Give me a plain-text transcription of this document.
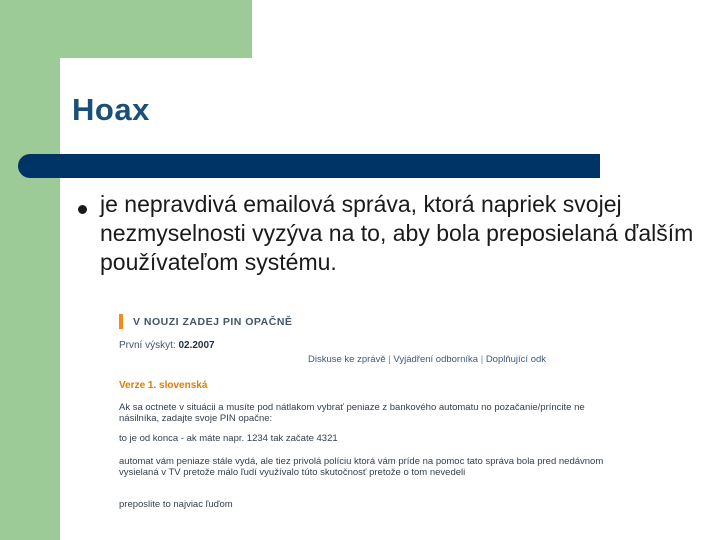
Hoax
je nepravdivá emailová správa, ktorá napriek svojej nezmyselnosti vyzýva na to, aby bola preposielaná ďalším používateľom systému.
V NOUZI ZADEJ PIN OPAČNĚ
První výskyt: 02.2007
Diskuse ke zprávě | Vyjádření odborníka | Doplňující odk
Verze 1. slovenská
Ak sa octnete v situácii a musíte pod nátlakom vybrať peniaze z bankového automatu no pozačanie/príncite ne násilníka, zadajte svoje PIN opačne:
to je od konca - ak máte napr. 1234 tak začate 4321
automat vám peniaze stále vydá, ale tiez privolá políciu ktorá vám príde na pomoc tato správa bola pred nedávnom vysielaná v TV pretože málo ľudí využívalo túto skutočnosť pretože o tom nevedeli
preposlite to najviac ľuďom
